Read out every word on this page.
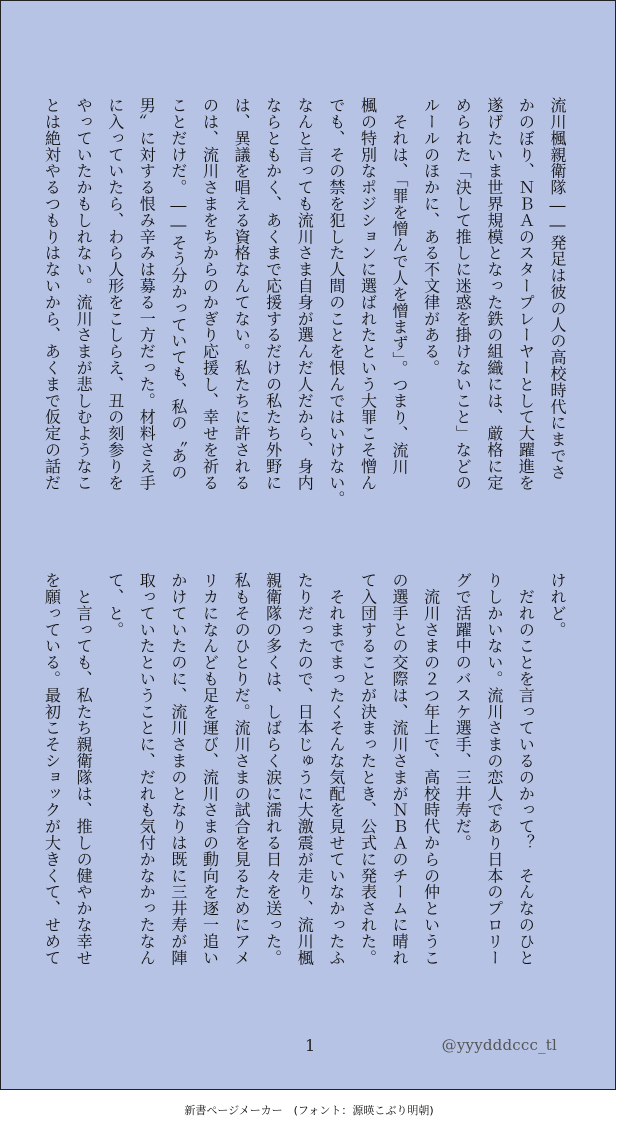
流川楓親衛隊――発足は彼の人の高校時代にまでさ
かのぼり、ＮＢＡのスタープレーヤーとして大躍進を
遂げたいま世界規模となった鉄の組織には、厳格に定
められた「決して推しに迷惑を掛けないこと」などの
ルールのほかに、ある不文律がある。
　それは、「罪を憎んで人を憎まず」。つまり、流川
楓の特別なポジションに選ばれたという大罪こそ憎ん
でも、その禁を犯した人間のことを恨んではいけない。
なんと言っても流川さま自身が選んだ人だから、身内
ならともかく、あくまで応援するだけの私たち外野に
は、異議を唱える資格なんてない。私たちに許される
のは、流川さまをちからのかぎり応援し、幸せを祈る
ことだけだ。――そう分かっていても、私の〝あの
男〟に対する恨み辛みは募る一方だった。材料さえ手
に入っていたら、わら人形をこしらえ、丑の刻参りを
やっていたかもしれない。流川さまが悲しむようなこ
とは絶対やるつもりはないから、あくまで仮定の話だ
けれど。
　だれのことを言っているのかって？　そんなのひと
りしかいない。流川さまの恋人であり日本のプロリー
グで活躍中のバスケ選手、三井寿だ。
　流川さまの２つ年上で、高校時代からの仲というこ
の選手との交際は、流川さまがＮＢＡのチームに晴れ
て入団することが決まったとき、公式に発表された。
　それまでまったくそんな気配を見せていなかったふ
たりだったので、日本じゅうに大激震が走り、流川楓
親衛隊の多くは、しばらく涙に濡れる日々を送った。
私もそのひとりだ。流川さまの試合を見るためにアメ
リカになんども足を運び、流川さまの動向を逐一追い
かけていたのに、流川さまのとなりは既に三井寿が陣
取っていたということに、だれも気付かなかったなん
て、と。
　と言っても、私たち親衛隊は、推しの健やかな幸せ
を願っている。最初こそショックが大きくて、せめて
1	@yyydddccc_tl
新書ページメーカー　(フォント：源暎こぶり明朝)
